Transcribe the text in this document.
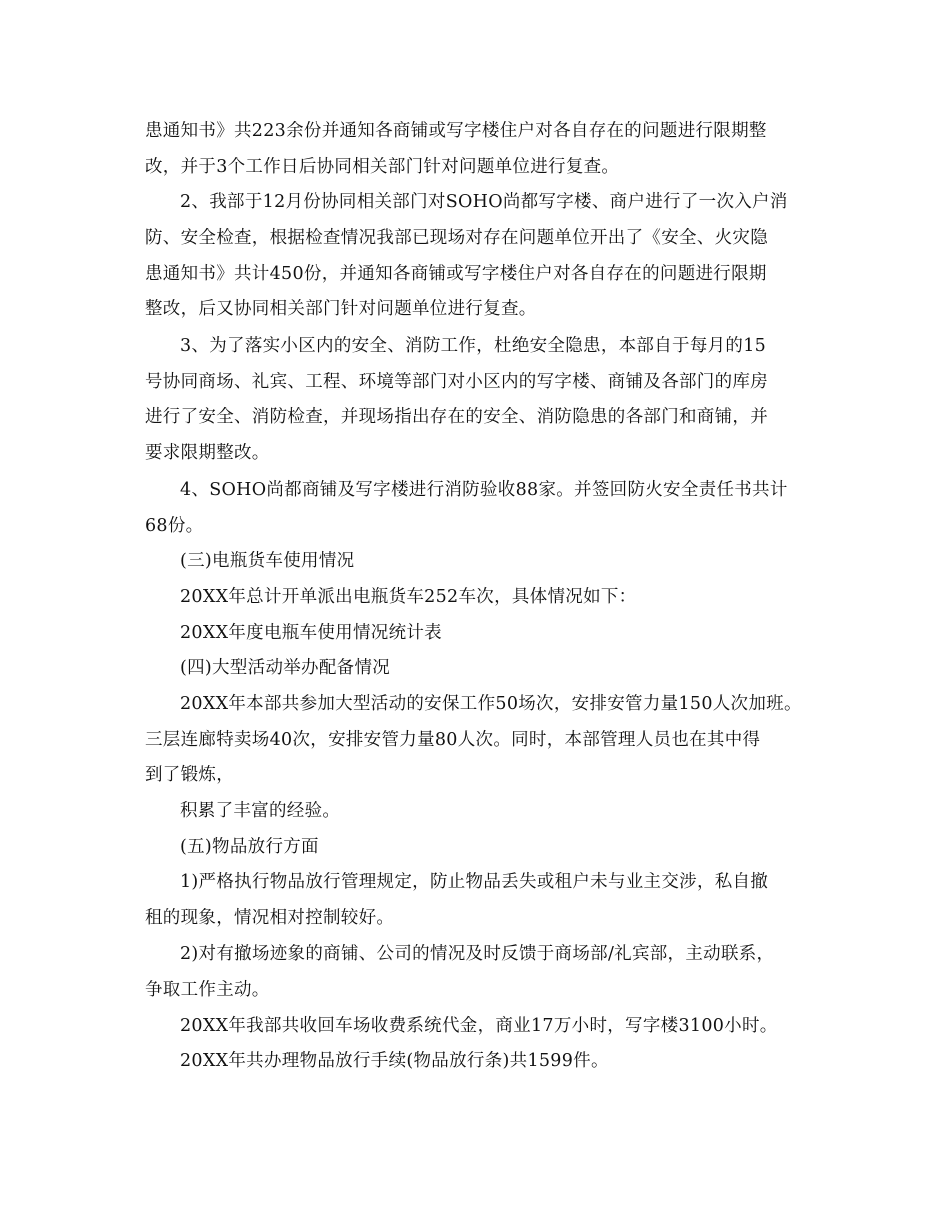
患通知书》共223余份并通知各商铺或写字楼住户对各自存在的问题进行限期整
改，并于3个工作日后协同相关部门针对问题单位进行复查。
2、我部于12月份协同相关部门对SOHO尚都写字楼、商户进行了一次入户消
防、安全检查，根据检查情况我部已现场对存在问题单位开出了《安全、火灾隐
患通知书》共计450份，并通知各商铺或写字楼住户对各自存在的问题进行限期
整改，后又协同相关部门针对问题单位进行复查。
3、为了落实小区内的安全、消防工作，杜绝安全隐患，本部自于每月的15
号协同商场、礼宾、工程、环境等部门对小区内的写字楼、商铺及各部门的库房
进行了安全、消防检查，并现场指出存在的安全、消防隐患的各部门和商铺，并
要求限期整改。
4、SOHO尚都商铺及写字楼进行消防验收88家。并签回防火安全责任书共计
68份。
(三)电瓶货车使用情况
20XX年总计开单派出电瓶货车252车次，具体情况如下：
20XX年度电瓶车使用情况统计表
(四)大型活动举办配备情况
20XX年本部共参加大型活动的安保工作50场次，安排安管力量150人次加班。
三层连廊特卖场40次，安排安管力量80人次。同时，本部管理人员也在其中得
到了锻炼，
积累了丰富的经验。
(五)物品放行方面
1)严格执行物品放行管理规定，防止物品丢失或租户未与业主交涉，私自撤
租的现象，情况相对控制较好。
2)对有撤场迹象的商铺、公司的情况及时反馈于商场部/礼宾部，主动联系，
争取工作主动。
20XX年我部共收回车场收费系统代金，商业17万小时，写字楼3100小时。
20XX年共办理物品放行手续(物品放行条)共1599件。
